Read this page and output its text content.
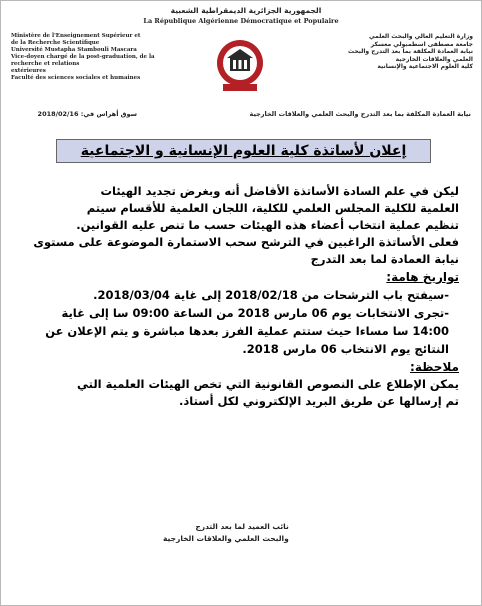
الجمهورية الجزائرية الديمقراطية الشعبية
La République Algérienne Démocratique et Populaire
Ministère de l'Enseignement Supérieur et
de la Recherche Scientifique
Université Mustapha Stambouli Mascara
Vice-doyen chargé de la post-graduation, de la recherche et relations
extérieures
Faculté des sciences sociales et humaines
وزارة التعليم العالي والبحث العلمي
جامعة مصطفى اسطمبولي معسكر
نيابة العمادة المكلفة بما بعد التدرج والبحث
العلمي والعلاقات الخارجية
كلية العلوم الاجتماعية والإنسانية
نيابة العمادة المكلفة بما بعد التدرج والبحث العلمي والعلاقات الخارجية  سوق أهراس في: 2018/02/16
إعلان لأساتذة كلية العلوم الإنسانية و الاجتماعية

ليكن في علم السادة الأساتذة الأفاضل أنه وبغرض تجديد الهيئات

العلمية للكلية المجلس العلمي للكلية، اللجان العلمية للأقسام سيتم

تنظيم عملية انتخاب أعضاء هذه الهيئات حسب ما تنص عليه القوانين.

فعلى الأساتذة الراغبين في الترشح سحب الاستمارة الموضوعة على مستوى

نيابة العمادة لما بعد التدرج

تواريخ هامة:

-سيفتح باب الترشحات من 2018/02/18 إلى غاية 2018/03/04.

-تجرى الانتخابات يوم 06 مارس 2018 من الساعة 09:00 سا إلى غاية

14:00 سا مساءا حيث ستتم عملية الفرز بعدها مباشرة و يتم الإعلان عن

النتائج يوم الانتخاب 06 مارس 2018.

ملاحظة:

يمكن الإطلاع على النصوص القانونية التي تخص الهيئات العلمية التي

تم إرسالها عن طريق البريد الإلكتروني لكل أستاذ.

نائب العميد لما بعد التدرج
والبحث العلمي والعلاقات الخارجية
